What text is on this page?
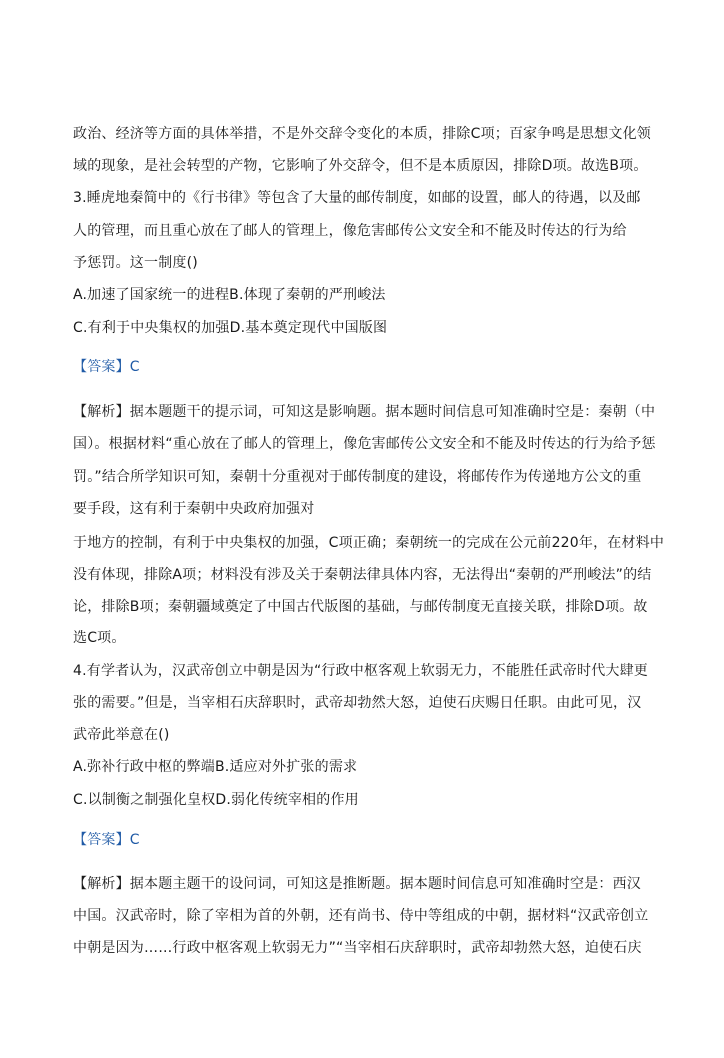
政治、经济等方面的具体举措，不是外交辞令变化的本质，排除C项；百家争鸣是思想文化领
域的现象，是社会转型的产物，它影响了外交辞令，但不是本质原因，排除D项。故选B项。
3.睡虎地秦简中的《行书律》等包含了大量的邮传制度，如邮的设置，邮人的待遇，以及邮
人的管理，而且重心放在了邮人的管理上，像危害邮传公文安全和不能及时传达的行为给
予惩罚。这一制度()
A.加速了国家统一的进程B.体现了秦朝的严刑峻法
C.有利于中央集权的加强D.基本奠定现代中国版图
【答案】C
【解析】据本题题干的提示词，可知这是影响题。据本题时间信息可知准确时空是：秦朝（中
国）。根据材料“重心放在了邮人的管理上，像危害邮传公文安全和不能及时传达的行为给予惩
罚。”结合所学知识可知，秦朝十分重视对于邮传制度的建设，将邮传作为传递地方公文的重
要手段，这有利于秦朝中央政府加强对
于地方的控制，有利于中央集权的加强，C项正确；秦朝统一的完成在公元前220年，在材料中
没有体现，排除A项；材料没有涉及关于秦朝法律具体内容，无法得出“秦朝的严刑峻法”的结
论，排除B项；秦朝疆域奠定了中国古代版图的基础，与邮传制度无直接关联，排除D项。故
选C项。
4.有学者认为，汉武帝创立中朝是因为“行政中枢客观上软弱无力，不能胜任武帝时代大肆更
张的需要。”但是，当宰相石庆辞职时，武帝却勃然大怒，迫使石庆赐日任职。由此可见，汉
武帝此举意在()
A.弥补行政中枢的弊端B.适应对外扩张的需求
C.以制衡之制强化皇权D.弱化传统宰相的作用
【答案】C
【解析】据本题主题干的设问词，可知这是推断题。据本题时间信息可知准确时空是：西汉
中国。汉武帝时，除了宰相为首的外朝，还有尚书、侍中等组成的中朝，据材料“汉武帝创立
中朝是因为……行政中枢客观上软弱无力”“当宰相石庆辞职时，武帝却勃然大怒，迫使石庆
